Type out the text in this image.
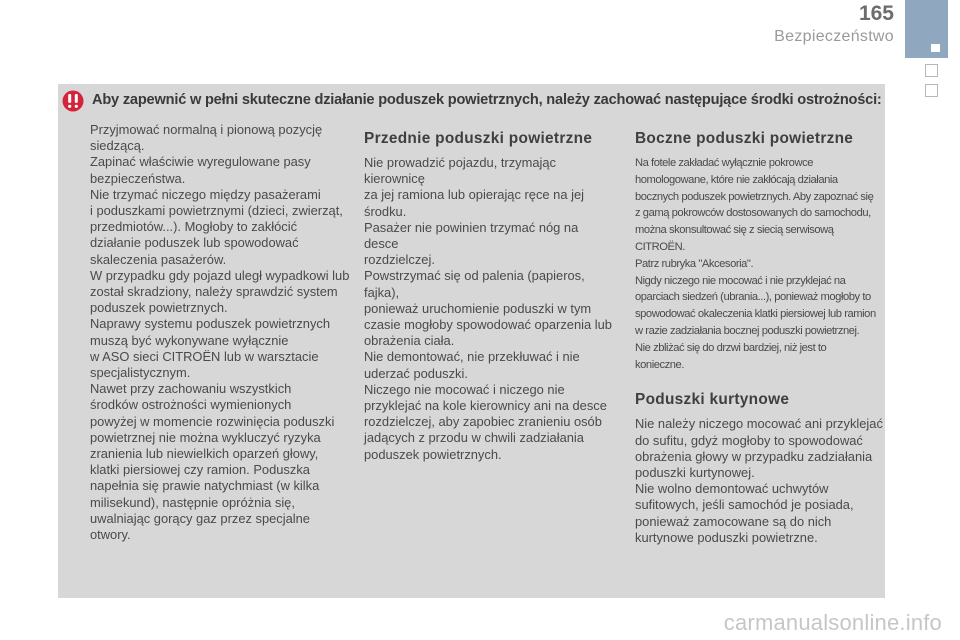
165
Bezpieczeństwo
Aby zapewnić w pełni skuteczne działanie poduszek powietrznych, należy zachować następujące środki ostrożności:

Przyjmować normalną i pionową pozycję
siedzącą.
Zapinać właściwie wyregulowane pasy
bezpieczeństwa.
Nie trzymać niczego między pasażerami
i poduszkami powietrznymi (dzieci, zwierząt,
przedmiotów...). Mogłoby to zakłócić
działanie poduszek lub spowodować
skaleczenia pasażerów.
W przypadku gdy pojazd uległ wypadkowi lub
został skradziony, należy sprawdzić system
poduszek powietrznych.
Naprawy systemu poduszek powietrznych
muszą być wykonywane wyłącznie
w ASO sieci CITROËN lub w warsztacie
specjalistycznym.
Nawet przy zachowaniu wszystkich
środków ostrożności wymienionych
powyżej w momencie rozwinięcia poduszki
powietrznej nie można wykluczyć ryzyka
zranienia lub niewielkich oparzeń głowy,
klatki piersiowej czy ramion. Poduszka
napełnia się prawie natychmiast (w kilka
milisekund), następnie opróżnia się,
uwalniając gorący gaz przez specjalne
otwory.

Przednie poduszki powietrzne

Nie prowadzić pojazdu, trzymając kierownicę
za jej ramiona lub opierając ręce na jej
środku.
Pasażer nie powinien trzymać nóg na desce
rozdzielczej.
Powstrzymać się od palenia (papieros, fajka),
ponieważ uruchomienie poduszki w tym
czasie mogłoby spowodować oparzenia lub
obrażenia ciała.
Nie demontować, nie przekłuwać i nie
uderzać poduszki.
Niczego nie mocować i niczego nie
przyklejać na kole kierownicy ani na desce
rozdzielczej, aby zapobiec zranieniu osób
jadących z przodu w chwili zadziałania
poduszek powietrznych.

Boczne poduszki powietrzne

Na fotele zakładać wyłącznie pokrowce
homologowane, które nie zakłócają działania
bocznych poduszek powietrznych. Aby zapoznać się
z gamą pokrowców dostosowanych do samochodu,
można skonsultować się z siecią serwisową
CITROËN.
Patrz rubryka "Akcesoria".
Nigdy niczego nie mocować i nie przyklejać na
oparciach siedzeń (ubrania...), ponieważ mogłoby to
spowodować okaleczenia klatki piersiowej lub ramion
w razie zadziałania bocznej poduszki powietrznej.
Nie zbliżać się do drzwi bardziej, niż jest to
konieczne.

Poduszki kurtynowe

Nie należy niczego mocować ani przyklejać
do sufitu, gdyż mogłoby to spowodować
obrażenia głowy w przypadku zadziałania
poduszki kurtynowej.
Nie wolno demontować uchwytów
sufitowych, jeśli samochód je posiada,
ponieważ zamocowane są do nich
kurtynowe poduszki powietrzne.

carmanualsonline.info
